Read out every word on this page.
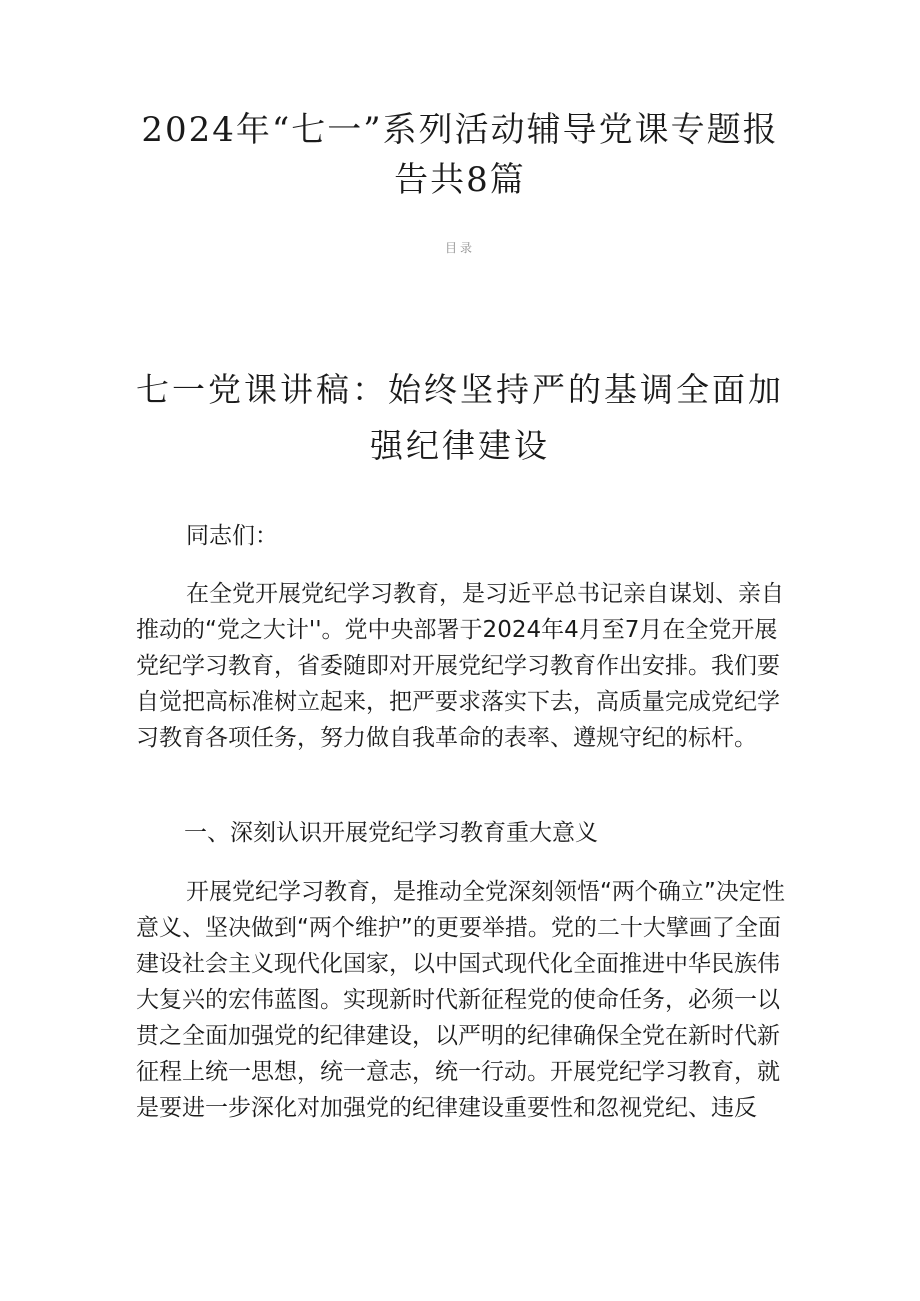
2024年“七一”系列活动辅导党课专题报告共8篇

目录

七一党课讲稿：始终坚持严的基调全面加强纪律建设

同志们：

在全党开展党纪学习教育，是习近平总书记亲自谋划、亲自推动的“党之大计''。党中央部署于2024年4月至7月在全党开展党纪学习教育，省委随即对开展党纪学习教育作出安排。我们要自觉把高标准树立起来，把严要求落实下去，高质量完成党纪学习教育各项任务，努力做自我革命的表率、遵规守纪的标杆。

一、深刻认识开展党纪学习教育重大意义

开展党纪学习教育，是推动全党深刻领悟“两个确立”决定性意义、坚决做到“两个维护”的更要举措。党的二十大擘画了全面建设社会主义现代化国家，以中国式现代化全面推进中华民族伟大复兴的宏伟蓝图。实现新时代新征程党的使命任务，必须一以贯之全面加强党的纪律建设，以严明的纪律确保全党在新时代新征程上统一思想，统一意志，统一行动。开展党纪学习教育，就是要进一步深化对加强党的纪律建设重要性和忽视党纪、违反
